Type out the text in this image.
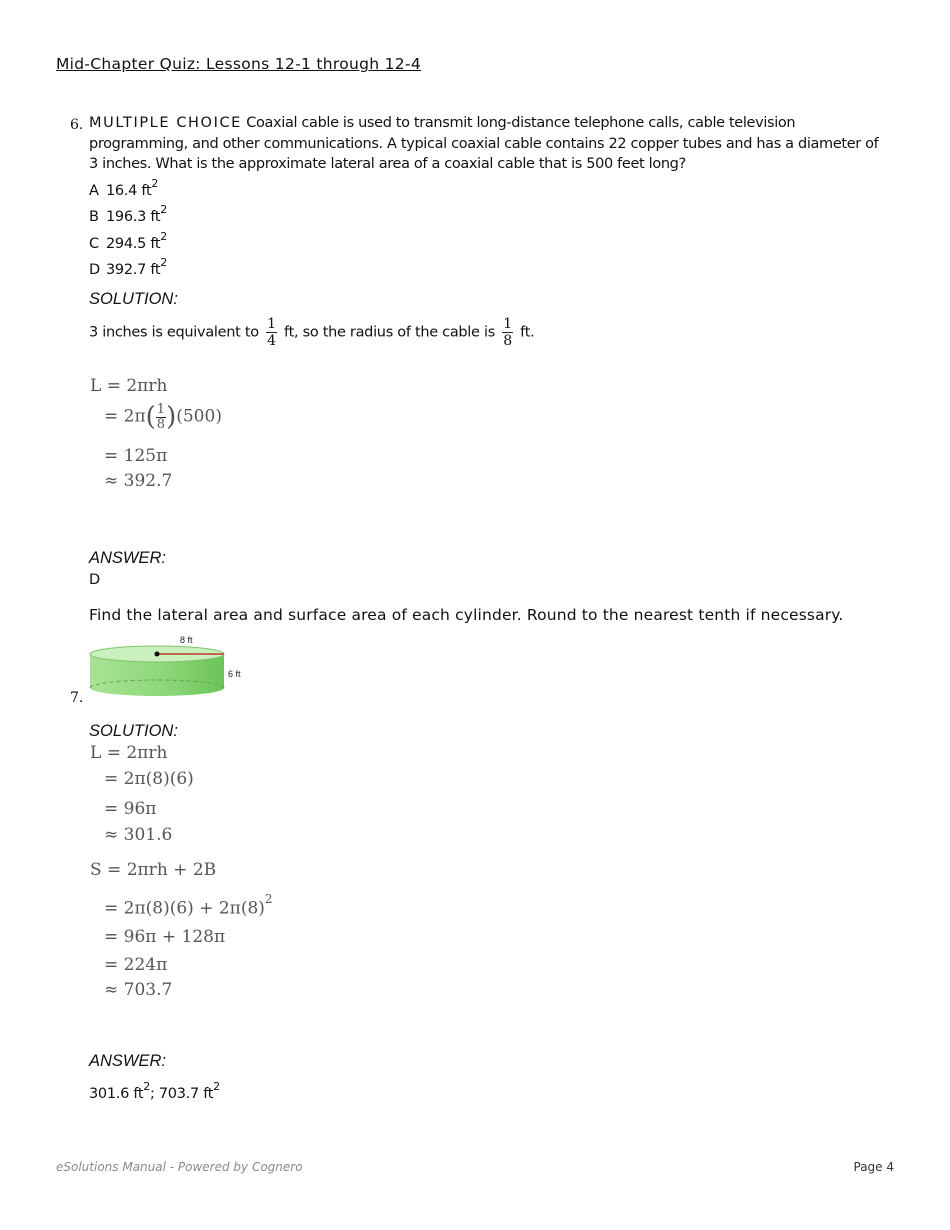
Mid-Chapter Quiz: Lessons 12-1 through 12-4
6. MULTIPLE CHOICE Coaxial cable is used to transmit long-distance telephone calls, cable television programming, and other communications. A typical coaxial cable contains 22 copper tubes and has a diameter of 3 inches. What is the approximate lateral area of a coaxial cable that is 500 feet long?
A 16.4 $ft^2$
B 196.3 $ft^2$
C 294.5 $ft^2$
D 392.7 $ft^2$
SOLUTION:
3 inches is equivalent to $\frac{1}{4}$ ft, so the radius of the cable is $\frac{1}{8}$ ft.
L = 2πrh
= $2\pi( \frac{1}{8} )(500)$
= 125π
≈ 392.7
ANSWER:
D
Find the lateral area and surface area of each cylinder. Round to the nearest tenth if necessary.
7.
8 ft
6 ft
SOLUTION:
L = 2πrh
= 2π(8)(6)
= 96π
≈ 301.6
S = 2πrh + 2B
= $2\pi(8)(6) + 2\pi(8)^2$
= 96π + 128π
= 224π
≈ 703.7
ANSWER:
301.6 $ft^2$; 703.7 $ft^2$
eSolutions Manual - Powered by Cognero	Page 4
